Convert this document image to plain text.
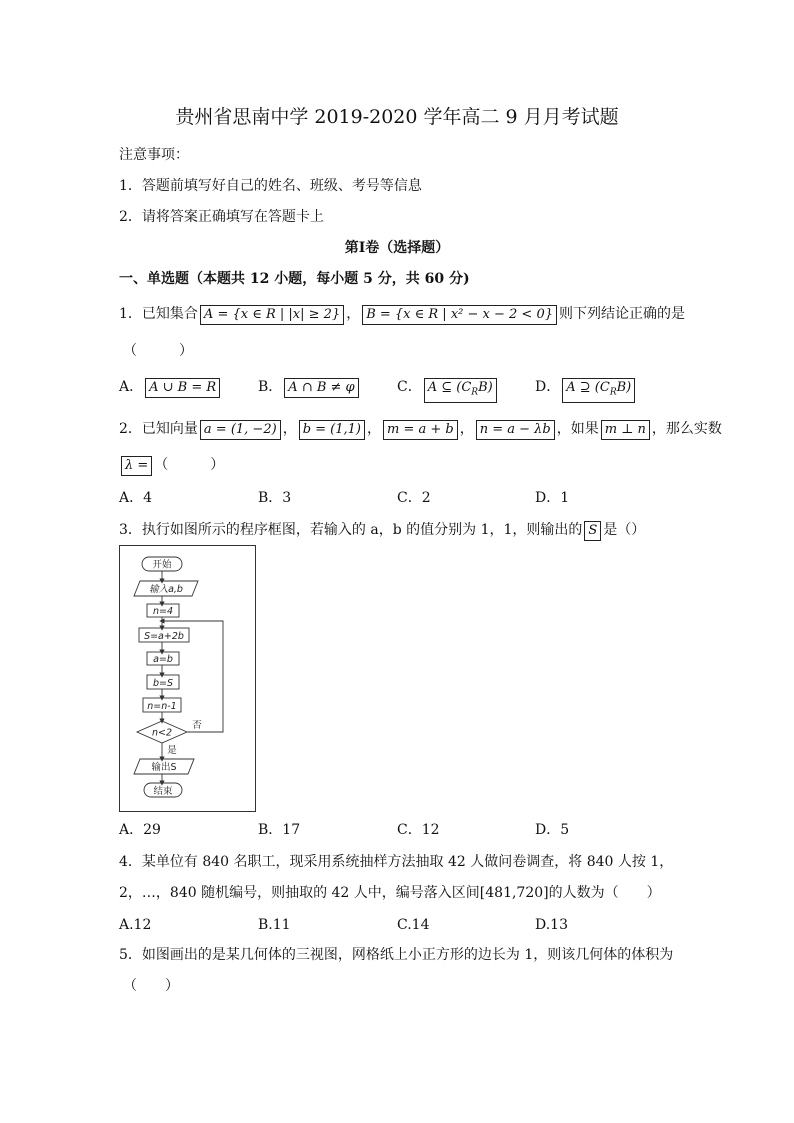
贵州省思南中学 2019-2020 学年高二 9 月月考试题
注意事项：
1．答题前填写好自己的姓名、班级、考号等信息
2．请将答案正确填写在答题卡上
第I卷（选择题）
一、单选题（本题共 12 小题，每小题 5 分，共 60 分)
1．已知集合 A = {x ∈ R | |x| ≥ 2} ， B = {x ∈ R | x² − x − 2 < 0} 则下列结论正确的是
（　　　）
A． A ∪ B = R	B． A ∩ B ≠ φ	C． A ⊆ $(C_RB)$	D． A ⊇ $(C_RB)$
2．已知向量 a = (1, −2) ， b = (1,1) ， m = a + b ， n = a − λb ，如果 m ⊥ n ，那么实数
λ = （　　　）
A．4	B．3	C．2	D．1
3．执行如图所示的程序框图，若输入的 a，b 的值分别为 1，1，则输出的 S 是（）
开始
输入a,b
n=4
S=a+2b
a=b
b=S
n=n-1
n<2
否
是
输出S
结束
A．29	B．17	C．12	D．5
4．某单位有 840 名职工，现采用系统抽样方法抽取 42 人做问卷调查，将 840 人按 1，
2，…，840 随机编号，则抽取的 42 人中，编号落入区间[481,720]的人数为（　　）
A.12	B.11	C.14	D.13
5．如图画出的是某几何体的三视图，网格纸上小正方形的边长为 1，则该几何体的体积为
（　　）
